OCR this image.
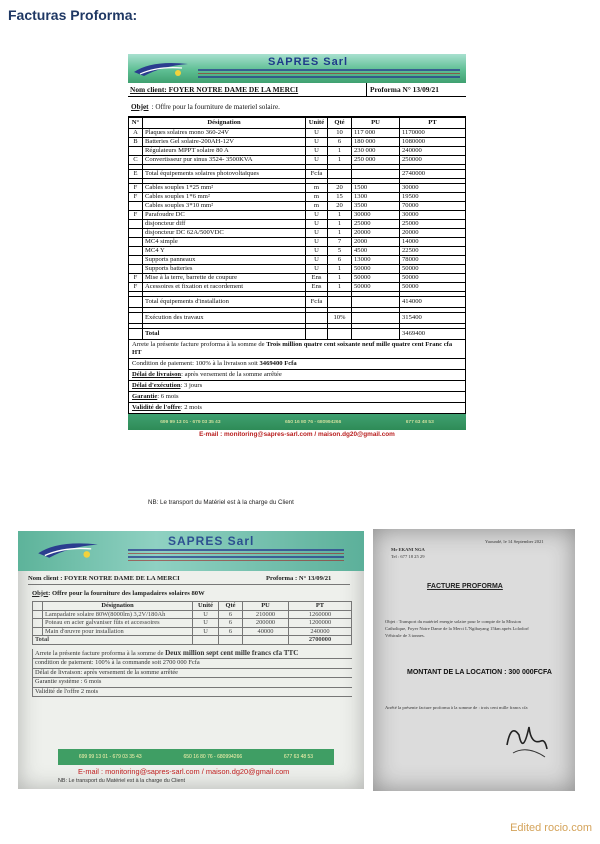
Facturas Proforma:
SAPRES Sarl
Nom client: FOYER NOTRE DAME DE LA MERCI	Proforma N° 13/09/21
Objet : Offre pour la fourniture de materiel solaire.
N°	Désignation	Unité	Qté	PU	PT
A	Plaques solaires mono 360-24V	U	10	117 000	1170000
B	Batteries Gel solaire-200AH-12V	U	6	180 000	1080000
	Régulateurs MPPT solaire 80 A	U	1	230 000	240000
C	Convertisseur pur sinus 3524- 3500KVA	U	1	250 000	250000

E	Total équipements solaires photovoltaïques	Fcfa			2740000

F	Cables souples 1*25 mm²	m	20	1500	30000
F	Cables souples 1*6 mm²	m	15	1300	19500
	Cables souples 3*10 mm²	m	20	3500	70000
F	Parafoudre DC	U	1	30000	30000
	disjoncteur diff	U	1	25000	25000
	disjoncteur DC 62A/500VDC	U	1	20000	20000
	MC4 simple	U	7	2000	14000
	MC4 Y	U	5	4500	22500
	Supports panneaux	U	6	13000	78000
	Supports batteries	U	1	50000	50000
F	Mise à la terre, barrette de coupure	Ens	1	50000	50000
F	Acessoires et fixation et racordement	Ens	1	50000	50000

	Total équipements d'installation	Fcfa			414000

	Exécution des travaux		10%		315400

	Total				3469400
Arrete la présente facture proforma à la somme de Trois million quatre cent soixante neuf mille quatre cent Franc cfa HT
Condition de paiement: 100% à la livraison soit 3469400 Fcfa
Délai de livraison: après versement de la somme arrêtée
Délai d'exécution: 3 jours
Garantie: 6 mois
Validité de l'offre: 2 mois
699 99 13 01 - 679 03 35 43	650 16 80 76 - 680994266	677 63 48 53
E-mail : monitoring@sapres-sarl.com / maison.dg20@gmail.com
NB: Le transport du Matériel est à la charge du Client
SAPRES Sarl
Nom client : FOYER NOTRE DAME DE LA MERCI	Proforma : N° 13/09/21
Objet : Offre pour la fourniture des lampadaires solaires 80W
	Désignation	Unité	Qté	PU	PT
	Lampadaire solaire 80W(8000lm) 3,2V/180Ah	U	6	210000	1260000
	Poteau en acier galvaniser fûts et accessoires	U	6	200000	1200000
	Main d'œuvre pour installation	U	6	40000	240000
Total					2700000
Arrete la présente facture proforma à la somme de Deux million sept cent mille francs cfa TTC
condition de paiement: 100% à la commande soit 2700 000 Fcfa
Délai de livraison: après versement de la somme arrêtée
Garantie système : 6 mois
Validité de l'offre 2 mois
699 99 13 01 - 679 03 35 43	650 16 80 76 - 680994266	677 63 48 53
E-mail : monitoring@sapres-sarl.com / maison.dg20@gmail.com
NB: Le transport du Matériel est à la charge du Client
Mr EKANI NGA
Tel : 677 18 25 29
Yaoundé, le 14 September 2021
FACTURE PROFORMA
Objet : Transport du matériel energie solaire pour le compte de la Mission
Catholique, Foyer Notre Dame de la Merci L'Ngibayang 15km après Lolodorf
Véhicule de 3 tonnes.
MONTANT DE LA LOCATION : 300 000FCFA
Arrêté la présente facture proforma à la somme de : trois cent mille francs cfa
Edited rocio.com
